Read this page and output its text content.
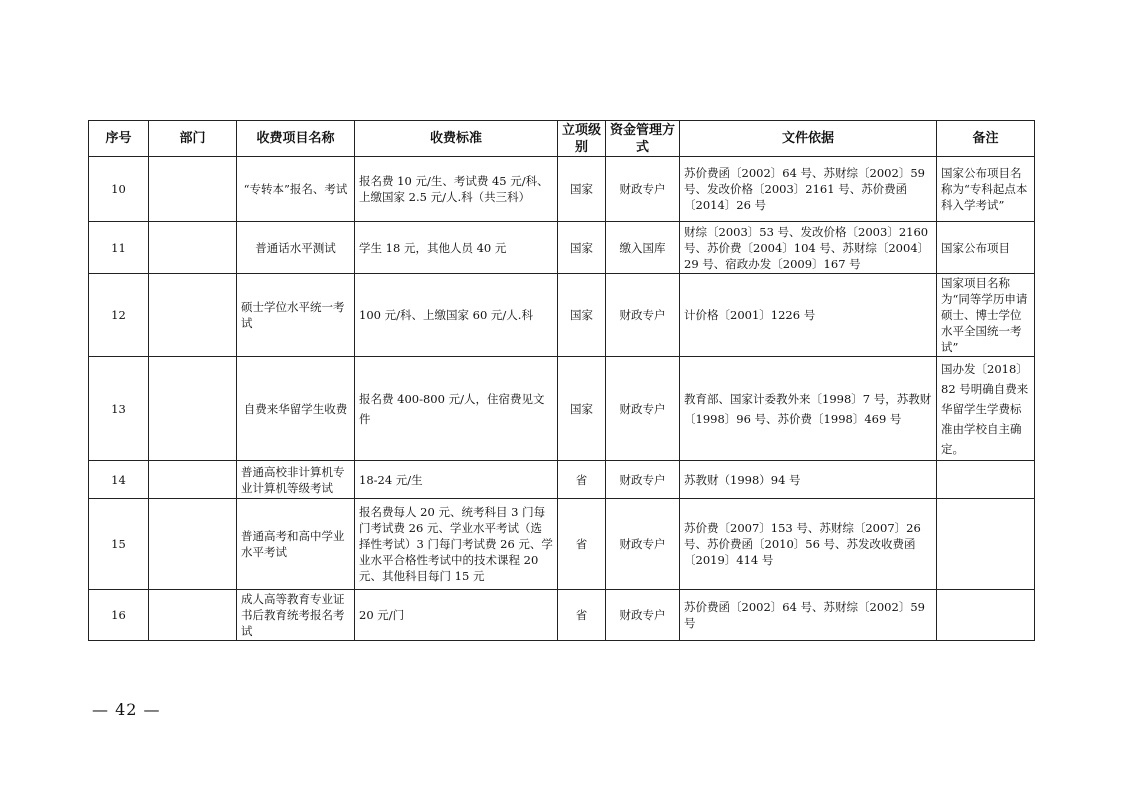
序号	部门	收费项目名称	收费标准	立项级别	资金管理方式	文件依据	备注
10		“专转本”报名、考试	报名费 10 元/生、考试费 45 元/科、上缴国家 2.5 元/人.科（共三科）	国家	财政专户	苏价费函〔2002〕64 号、苏财综〔2002〕59 号、发改价格〔2003〕2161 号、苏价费函〔2014〕26 号	国家公布项目名称为“专科起点本科入学考试”
11		普通话水平测试	学生 18 元，其他人员 40 元	国家	缴入国库	财综〔2003〕53 号、发改价格〔2003〕2160 号、苏价费〔2004〕104 号、苏财综〔2004〕29 号、宿政办发〔2009〕167 号	国家公布项目
12		硕士学位水平统一考试	100 元/科、上缴国家 60 元/人.科	国家	财政专户	计价格〔2001〕1226 号	国家项目名称为“同等学历申请硕士、博士学位水平全国统一考试”
13		自费来华留学生收费	报名费 400-800 元/人，住宿费见文件	国家	财政专户	教育部、国家计委教外来〔1998〕7 号，苏教财〔1998〕96 号、苏价费〔1998〕469 号	国办发〔2018〕82 号明确自费来华留学生学费标准由学校自主确定。
14		普通高校非计算机专业计算机等级考试	18-24 元/生	省	财政专户	苏教财（1998）94 号	
15		普通高考和高中学业水平考试	报名费每人 20 元、统考科目 3 门每门考试费 26 元、学业水平考试（选择性考试）3 门每门考试费 26 元、学业水平合格性考试中的技术课程 20 元、其他科目每门 15 元	省	财政专户	苏价费〔2007〕153 号、苏财综〔2007〕26 号、苏价费函〔2010〕56 号、苏发改收费函〔2019〕414 号	
16		成人高等教育专业证书后教育统考报名考试	20 元/门	省	财政专户	苏价费函〔2002〕64 号、苏财综〔2002〕59 号	
— 42 —
